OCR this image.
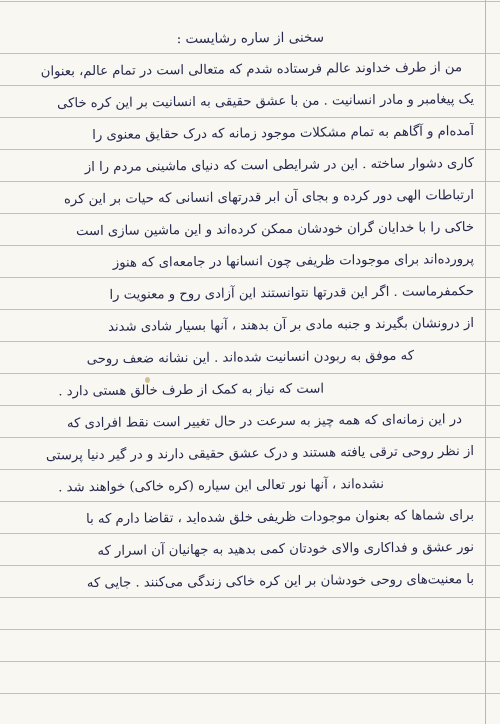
سخنی از ساره رشایست :
من از طرف خداوند عالم فرستاده شدم که متعالی است در تمام عالم، بعنوان
یک پیغامبر و مادر انسانیت . من با عشق حقیقی به انسانیت بر این کره خاکی
آمده‌ام و آگاهم به تمام مشکلات موجود زمانه که درک حقایق معنوی را
کاری دشوار ساخته . این در شرایطی است که دنیای ماشینی مردم را از
ارتباطات الهی دور کرده و بجای آن ابر قدرتهای انسانی که حیات بر این کره
خاکی را با خدایان گران خودشان ممکن کرده‌اند و این ماشین سازی است
پرورده‌اند برای موجودات ظریفی چون انسانها در جامعه‌ای که هنوز
حکمفرماست . اگر این قدرتها نتوانستند این آزادی روح و معنویت را
از درونشان بگیرند و جنبه مادی بر آن بدهند ، آنها بسیار شادی شدند
که موفق به ربودن انسانیت شده‌اند . این نشانه ضعف روحی
است که نیاز به کمک از طرف خالق هستی دارد .
در این زمانه‌ای که همه چیز به سرعت در حال تغییر است نقط افرادی که
از نظر روحی ترقی یافته هستند و درک عشق حقیقی دارند و در گیر دنیا پرستی
نشده‌اند ، آنها نور تعالی این سیاره (کره خاکی) خواهند شد .
برای شماها که بعنوان موجودات ظریفی خلق شده‌اید ، تقاضا دارم که با
نور عشق و فداکاری والای خودتان کمی بدهید به جهانیان آن اسرار که
با معنیت‌های روحی خودشان بر این کره خاکی زندگی می‌کنند . جایی که
